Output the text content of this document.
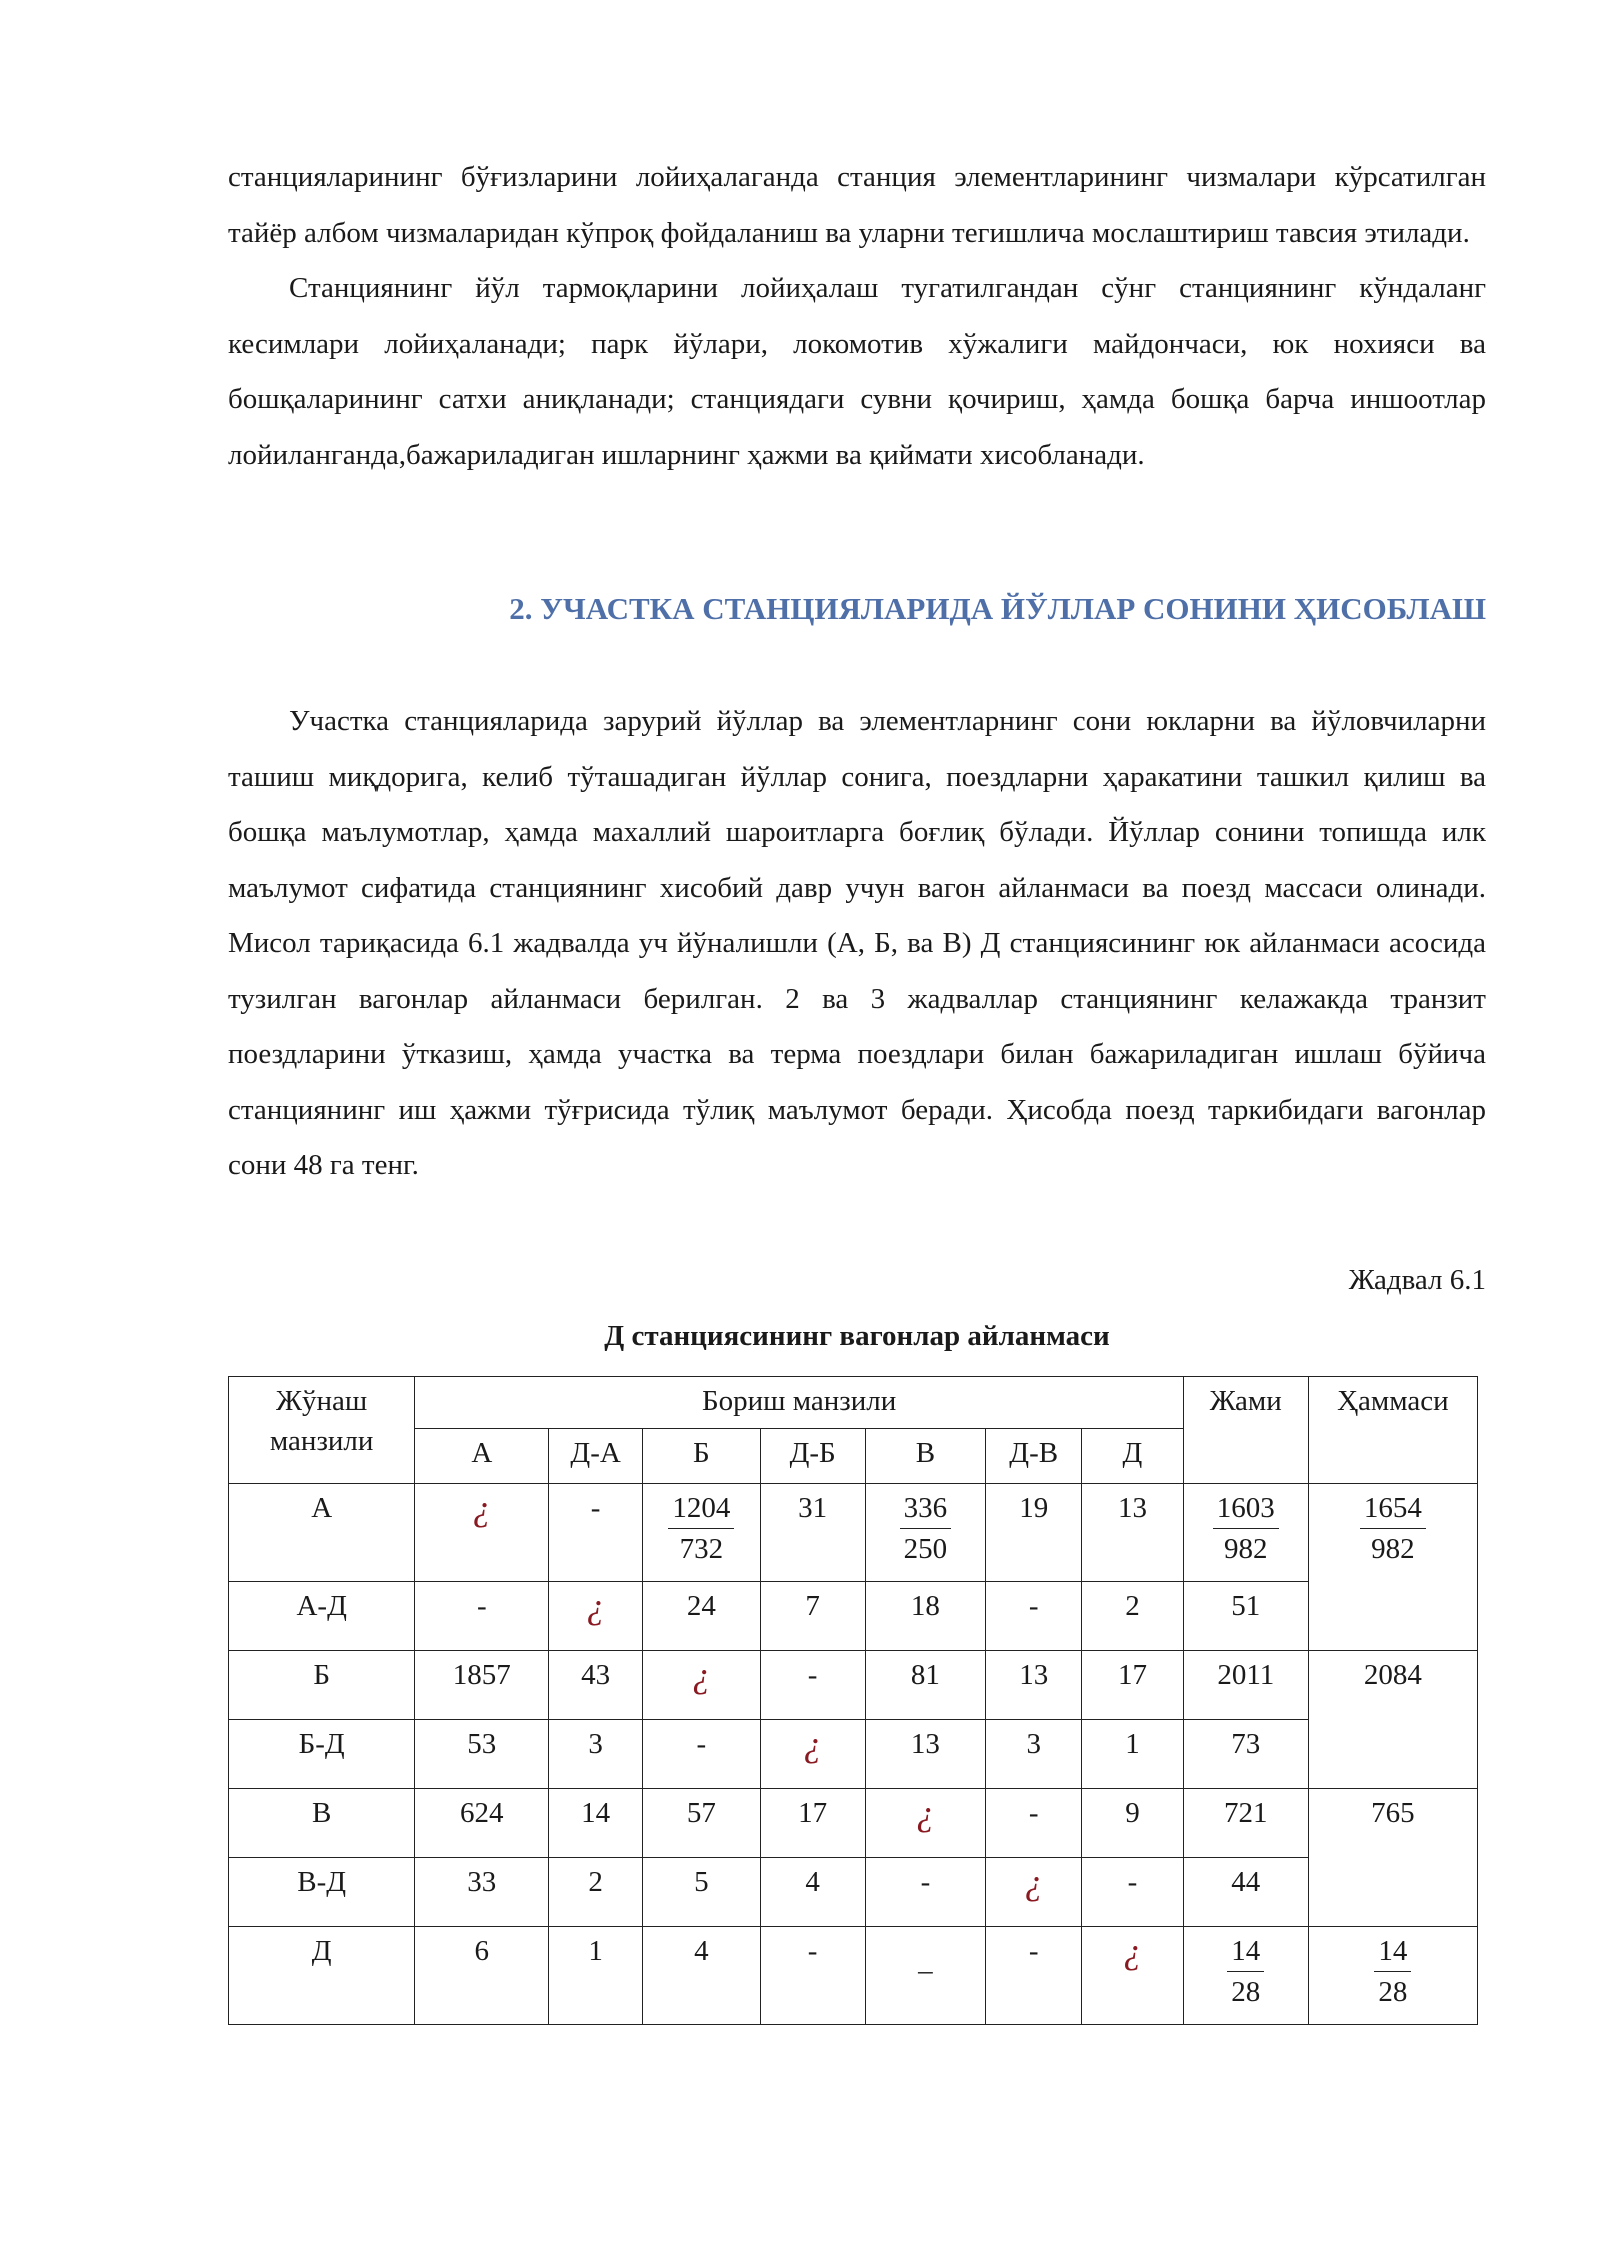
станцияларининг бўғизларини лойиҳалаганда станция элементларининг чизмалари кўрсатилган тайёр албом чизмаларидан кўпроқ фойдаланиш ва уларни тегишлича мослаштириш тавсия этилади.

Станциянинг йўл тармоқларини лойиҳалаш тугатилгандан сўнг станциянинг кўндаланг кесимлари лойиҳаланади; парк йўлари, локомотив хўжалиги майдончаси, юк нохияси ва бошқаларининг сатхи аниқланади; станциядаги сувни қочириш, ҳамда бошқа барча иншоотлар лойиланганда,бажариладиган ишларнинг ҳажми ва қиймати хисобланади.

2. УЧАСТКА СТАНЦИЯЛАРИДА ЙЎЛЛАР СОНИНИ ҲИСОБЛАШ

Участка станцияларида зарурий йўллар ва элементларнинг сони юкларни ва йўловчиларни ташиш миқдорига, келиб тўташадиган йўллар сонига, поездларни ҳаракатини ташкил қилиш ва бошқа маълумотлар, ҳамда махаллий шароитларга боғлиқ бўлади. Йўллар сонини топишда илк маълумот сифатида станциянинг хисобий давр учун вагон айланмаси ва поезд массаси олинади. Мисол тариқасида 6.1 жадвалда уч йўналишли (А, Б, ва В) Д станциясининг юк айланмаси асосида тузилган вагонлар айланмаси берилган. 2 ва 3 жадваллар станциянинг келажакда транзит поездларини ўтказиш, ҳамда участка ва терма поездлари билан бажариладиган ишлаш бўйича станциянинг иш ҳажми тўғрисида тўлиқ маълумот беради. Ҳисобда поезд таркибидаги вагонлар сони 48 га тенг.

Жадвал 6.1
Д станциясининг вагонлар айланмаси
Жўнаш
манзили	Бориш манзили							Жами	Ҳаммаси
	А	Д-А	Б	Д-Б	В	Д-В	Д		
А	¿	-	$\frac{1204}{732}$	31	$\frac{336}{250}$	19	13	$\frac{1603}{982}$	$\frac{1654}{982}$

А-Д	-	¿	24	7	18	-	2	51	
Б	1857	43	¿	-	81	13	17	2011	2084
Б-Д	53	3	-	¿	13	3	1	73	
В	624	14	57	17	¿	-	9	721	765
В-Д	33	2	5	4	-	¿	-	44	
Д	6	1	4	-	_	-	¿	$\frac{14}{28}$	$\frac{14}{28}$
